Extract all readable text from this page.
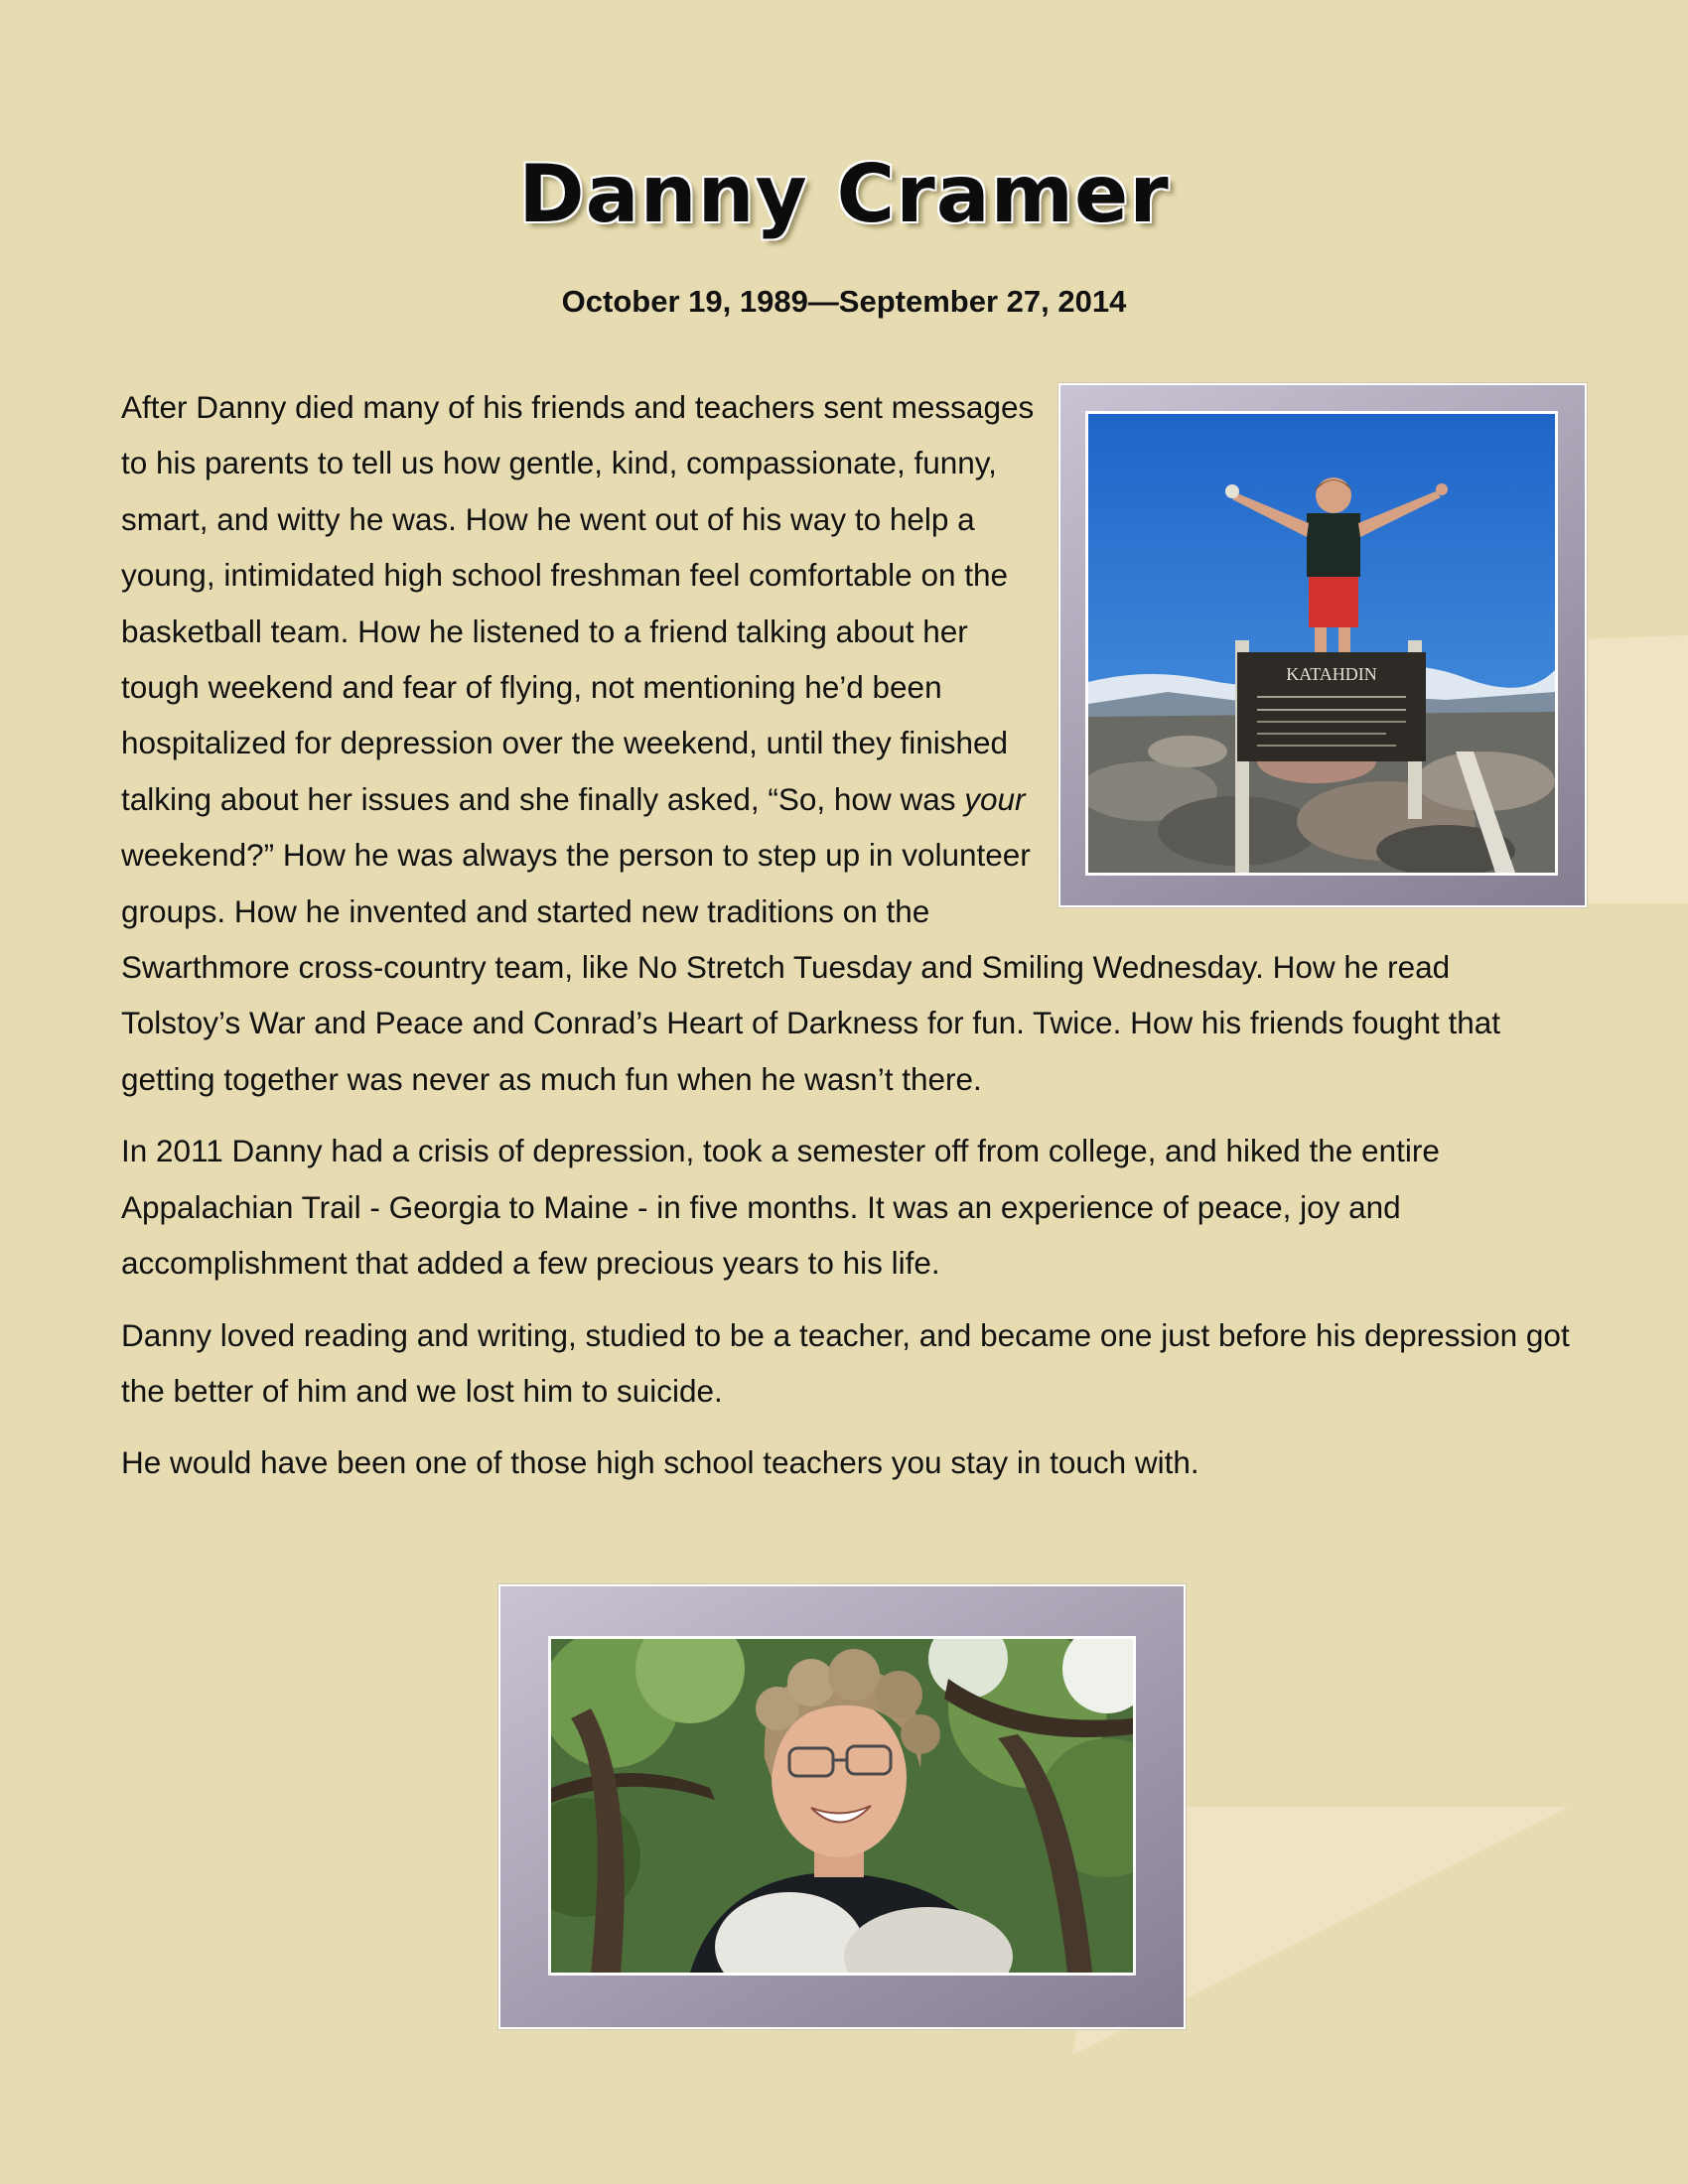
Danny Cramer
October 19, 1989—September 27, 2014

After Danny died many of his friends and teachers sent messages to his parents to tell us how gentle, kind, compassionate, funny, smart, and witty he was. How he went out of his way to help a young, intimidated high school freshman feel comfortable on the basketball team. How he listened to a friend talking about her tough weekend and fear of flying, not mentioning he’d been hospitalized for depression over the weekend, until they finished talking about her issues and she finally asked, “So, how was your weekend?” How he was always the person to step up in volunteer groups. How he invented and started new traditions on the Swarthmore cross-country team, like No Stretch Tuesday and Smiling Wednesday. How he read Tolstoy’s War and Peace and Conrad’s Heart of Darkness for fun. Twice. How his friends fought that getting together was never as much fun when he wasn’t there.

In 2011 Danny had a crisis of depression, took a semester off from college, and hiked the entire Appalachian Trail - Georgia to Maine - in five months. It was an experience of peace, joy and accomplishment that added a few precious years to his life.

Danny loved reading and writing, studied to be a teacher, and became one just before his depression got the better of him and we lost him to suicide.

He would have been one of those high school teachers you stay in touch with.

KATAHDIN
